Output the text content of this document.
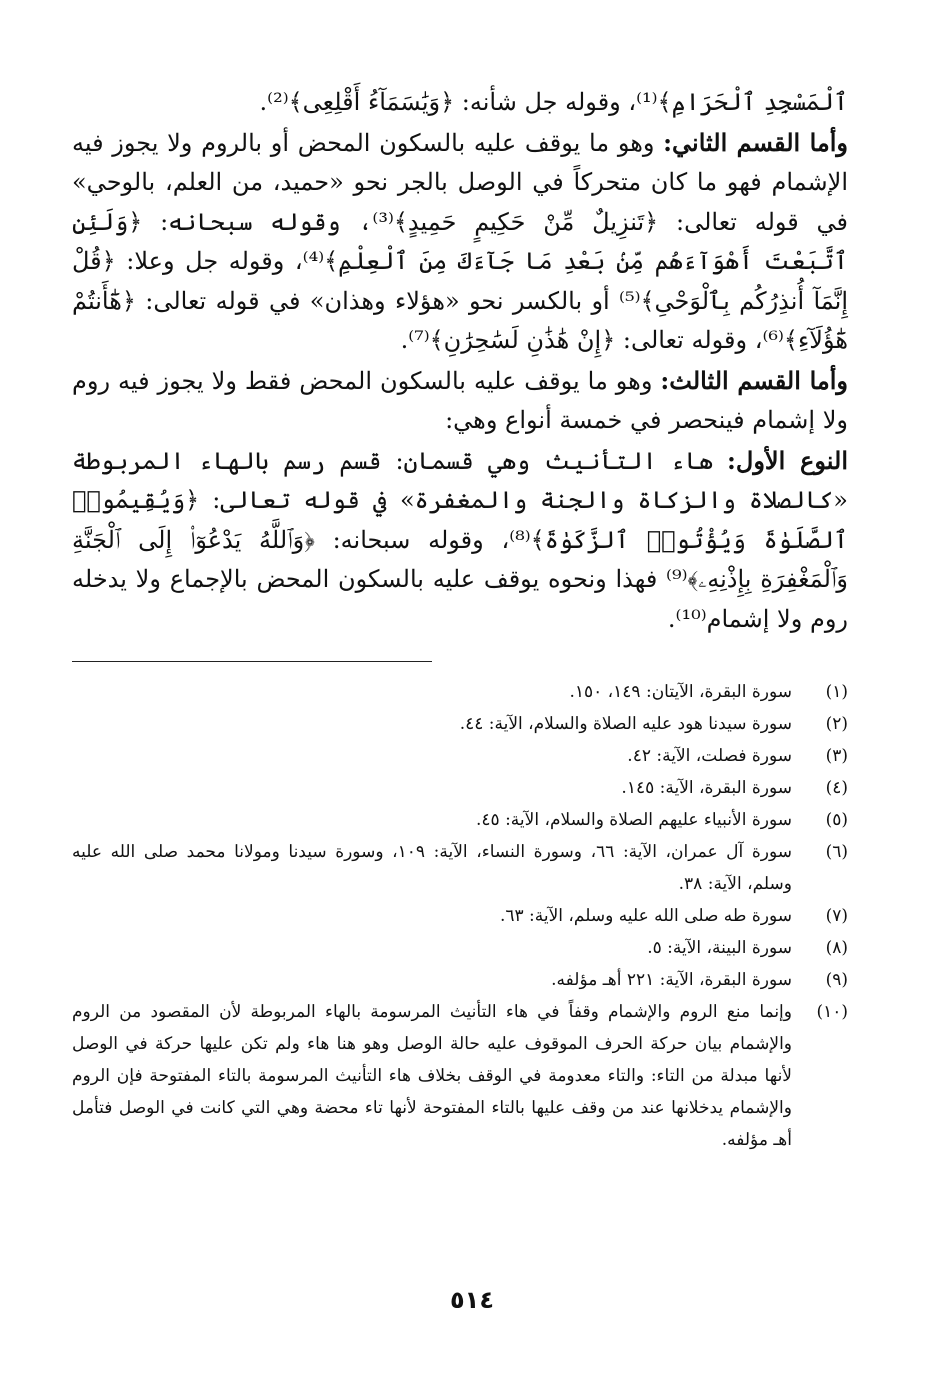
ٱلْمَسْجِدِ ٱلْحَرَامِ﴾⁽¹⁾، وقوله جل شأنه: ﴿وَيَٰسَمَآءُ أَقْلِعِى﴾⁽²⁾.

وأما القسم الثاني: وهو ما يوقف عليه بالسكون المحض أو بالروم ولا يجوز فيه الإشمام فهو ما كان متحركاً في الوصل بالجر نحو «حميد، من العلم، بالوحي» في قوله تعالى: ﴿تَنزِيلٌ مِّنْ حَكِيمٍ حَمِيدٍ﴾⁽³⁾، وقوله سبحانه: ﴿وَلَئِنِ ٱتَّبَعْتَ أَهْوَآءَهُم مِّنۢ بَعْدِ مَا جَآءَكَ مِنَ ٱلْعِلْمِ﴾⁽⁴⁾، وقوله جل وعلا: ﴿قُلْ إِنَّمَآ أُنذِرُكُم بِٱلْوَحْىِ﴾⁽⁵⁾ أو بالكسر نحو «هؤلاء وهذان» في قوله تعالى: ﴿هَٰٓأَنتُمْ هَٰٓؤُلَآءِ﴾⁽⁶⁾، وقوله تعالى: ﴿إِنْ هَٰذَٰنِ لَسَٰحِرَٰنِ﴾⁽⁷⁾.

وأما القسم الثالث: وهو ما يوقف عليه بالسكون المحض فقط ولا يجوز فيه روم ولا إشمام فينحصر في خمسة أنواع وهي:

النوع الأول: هاء التأنيث وهي قسمان: قسم رسم بالهاء المربوطة «كالصلاة والزكاة والجنة والمغفرة» في قوله تعالى: ﴿وَيُقِيمُوا۟ ٱلصَّلَوٰةَ وَيُؤْتُوا۟ ٱلزَّكَوٰةَ﴾⁽⁸⁾، وقوله سبحانه: ﴿وَٱللَّهُ يَدْعُوٓا۟ إِلَى ٱلْجَنَّةِ وَٱلْمَغْفِرَةِ بِإِذْنِهِۦ﴾⁽⁹⁾ فهذا ونحوه يوقف عليه بالسكون المحض بالإجماع ولا يدخله روم ولا إشمام⁽¹⁰⁾.

(١)
سورة البقرة، الآيتان: ١٤٩، ١٥٠.
(٢)
سورة سيدنا هود عليه الصلاة والسلام، الآية: ٤٤.
(٣)
سورة فصلت، الآية: ٤٢.
(٤)
سورة البقرة، الآية: ١٤٥.
(٥)
سورة الأنبياء عليهم الصلاة والسلام، الآية: ٤٥.
(٦)
سورة آل عمران، الآية: ٦٦، وسورة النساء، الآية: ١٠٩، وسورة سيدنا ومولانا محمد صلى الله عليه وسلم، الآية: ٣٨.
(٧)
سورة طه صلى الله عليه وسلم، الآية: ٦٣.
(٨)
سورة البينة، الآية: ٥.
(٩)
سورة البقرة، الآية: ٢٢١ أهـ مؤلفه.
(١٠)
وإنما منع الروم والإشمام وقفاً في هاء التأنيث المرسومة بالهاء المربوطة لأن المقصود من الروم والإشمام بيان حركة الحرف الموقوف عليه حالة الوصل وهو هنا هاء ولم تكن عليها حركة في الوصل لأنها مبدلة من التاء: والتاء معدومة في الوقف بخلاف هاء التأنيث المرسومة بالتاء المفتوحة فإن الروم والإشمام يدخلانها عند من وقف عليها بالتاء المفتوحة لأنها تاء محضة وهي التي كانت في الوصل فتأمل أهـ مؤلفه.
٥١٤
